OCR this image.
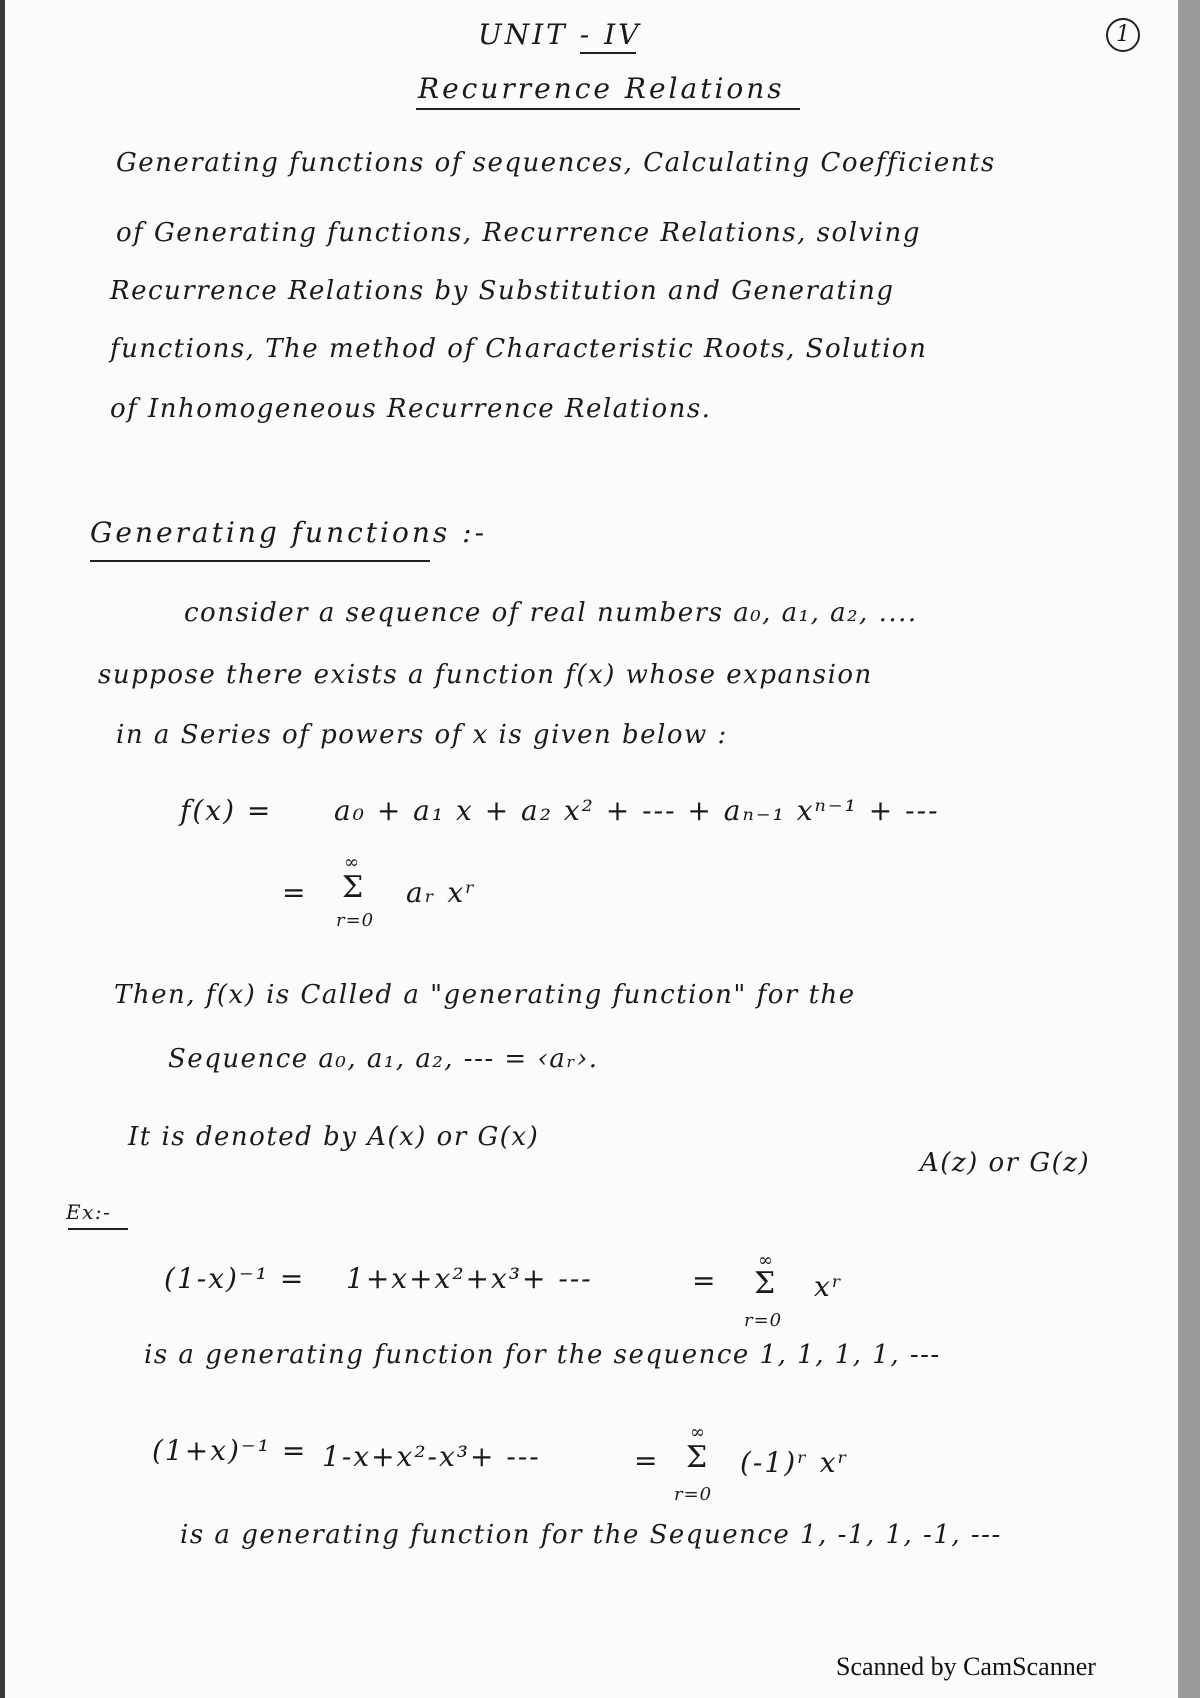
UNIT - IV	1
Recurrence Relations
Generating functions of sequences, Calculating Coefficients
of Generating functions, Recurrence Relations, solving
Recurrence Relations by Substitution and Generating
functions, The method of Characteristic Roots, Solution
of Inhomogeneous Recurrence Relations.
Generating functions :-
consider a sequence of real numbers a₀, a₁, a₂, ....
suppose there exists a function f(x) whose expansion
in a Series of powers of x is given below :
f(x) = a₀ + a₁ x + a₂ x² + --- + aₙ₋₁ xⁿ⁻¹ + ---
=
∞
Σ
r=0
aᵣ xʳ
Then, f(x) is Called a "generating function" for the
Sequence a₀, a₁, a₂, --- = ‹aᵣ›.
It is denoted by A(x) or G(x)
A(z) or G(z)
Ex:-
(1-x)⁻¹ = 1+x+x²+x³+ ---	=
∞
Σ
r=0
xʳ
is a generating function for the sequence 1, 1, 1, 1, ---
(1+x)⁻¹ = 1-x+x²-x³+ ---	=
∞
Σ
r=0
(-1)ʳ xʳ
is a generating function for the Sequence 1, -1, 1, -1, ---
Scanned by CamScanner
